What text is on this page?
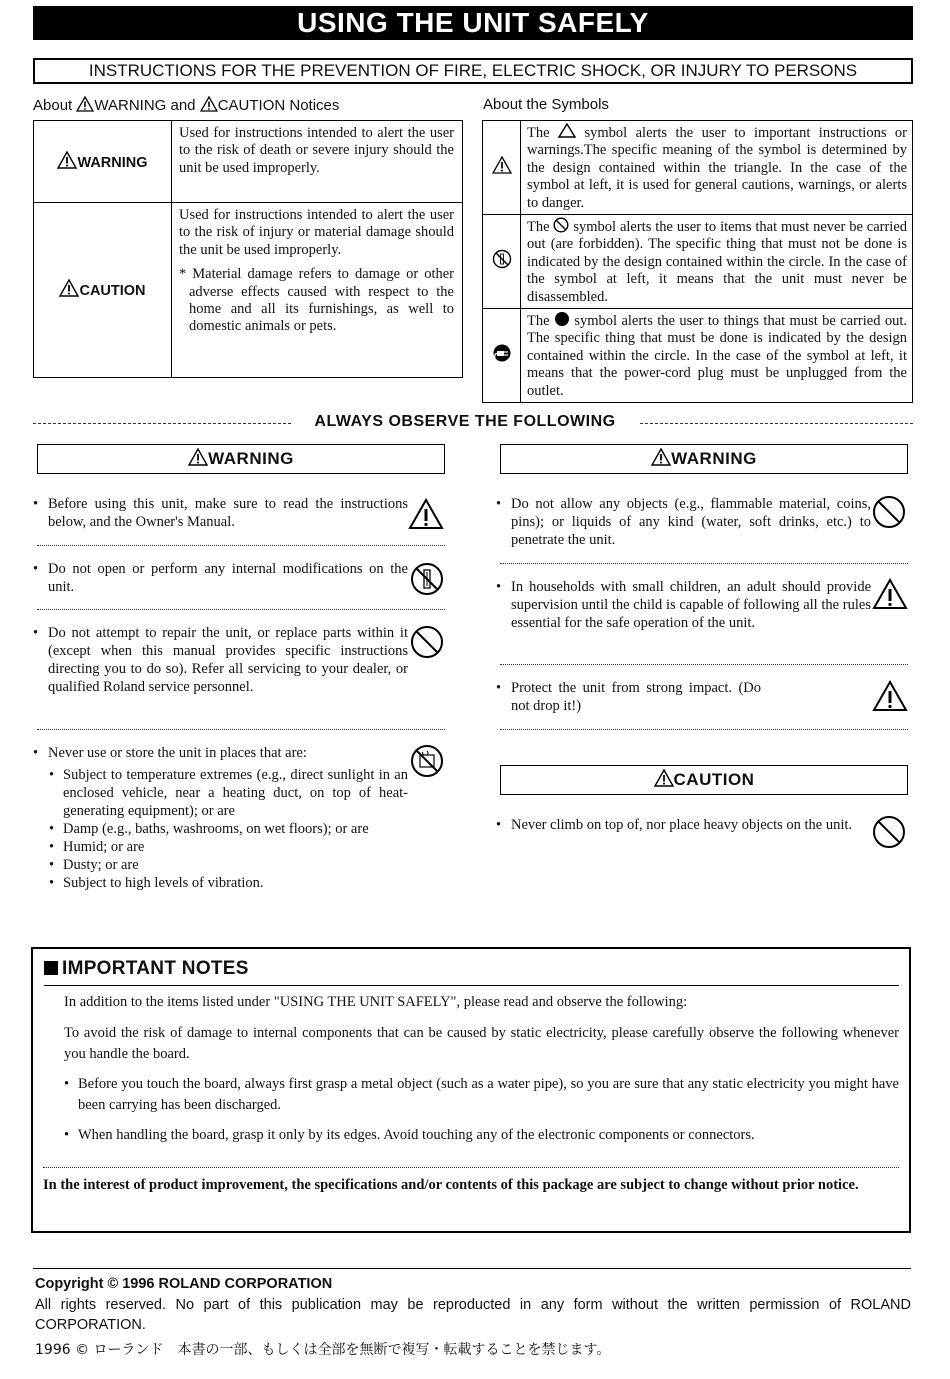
USING THE UNIT SAFELY
INSTRUCTIONS FOR THE PREVENTION OF FIRE, ELECTRIC SHOCK, OR INJURY TO PERSONS
About WARNING and CAUTION Notices	About the Symbols
WARNING	Used for instructions intended to alert the user to the risk of death or severe injury should the unit be used improperly.
CAUTION	Used for instructions intended to alert the user to the risk of injury or material damage should the unit be used improperly.
* Material damage refers to damage or other adverse effects caused with respect to the home and all its furnishings, as well to domestic animals or pets.
	The symbol alerts the user to important instructions or warnings.The specific meaning of the symbol is determined by the design contained within the triangle. In the case of the symbol at left, it is used for general cautions, warnings, or alerts to danger.
	The symbol alerts the user to items that must never be carried out (are forbidden). The specific thing that must not be done is indicated by the design contained within the circle. In the case of the symbol at left, it means that the unit must never be disassembled.
	The symbol alerts the user to things that must be carried out. The specific thing that must be done is indicated by the design contained within the circle. In the case of the symbol at left, it means that the power-cord plug must be unplugged from the outlet.
ALWAYS OBSERVE THE FOLLOWING
WARNING
• Before using this unit, make sure to read the instructions below, and the Owner's Manual.
• Do not open or perform any internal modifications on the unit.
• Do not attempt to repair the unit, or replace parts within it (except when this manual provides specific instructions directing you to do so). Refer all servicing to your dealer, or qualified Roland service personnel.
• Never use or store the unit in places that are:
• Subject to temperature extremes (e.g., direct sunlight in an enclosed vehicle, near a heating duct, on top of heat-generating equipment); or are
• Damp (e.g., baths, washrooms, on wet floors); or are
• Humid; or are
• Dusty; or are
• Subject to high levels of vibration.
WARNING
• Do not allow any objects (e.g., flammable material, coins, pins); or liquids of any kind (water, soft drinks, etc.) to penetrate the unit.
• In households with small children, an adult should provide supervision until the child is capable of following all the rules essential for the safe operation of the unit.
• Protect the unit from strong impact. (Do not drop it!)
CAUTION
• Never climb on top of, nor place heavy objects on the unit.
IMPORTANT NOTES
In addition to the items listed under "USING THE UNIT SAFELY", please read and observe the following:
To avoid the risk of damage to internal components that can be caused by static electricity, please carefully observe the following whenever you handle the board.
• Before you touch the board, always first grasp a metal object (such as a water pipe), so you are sure that any static electricity you might have been carrying has been discharged.
• When handling the board, grasp it only by its edges. Avoid touching any of the electronic components or connectors.
In the interest of product improvement, the specifications and/or contents of this package are subject to change without prior notice.
Copyright © 1996 ROLAND CORPORATION
All rights reserved. No part of this publication may be reproducted in any form without the written permission of ROLAND CORPORATION.
1996 © ローランド　本書の一部、もしくは全部を無断で複写・転載することを禁じます。
